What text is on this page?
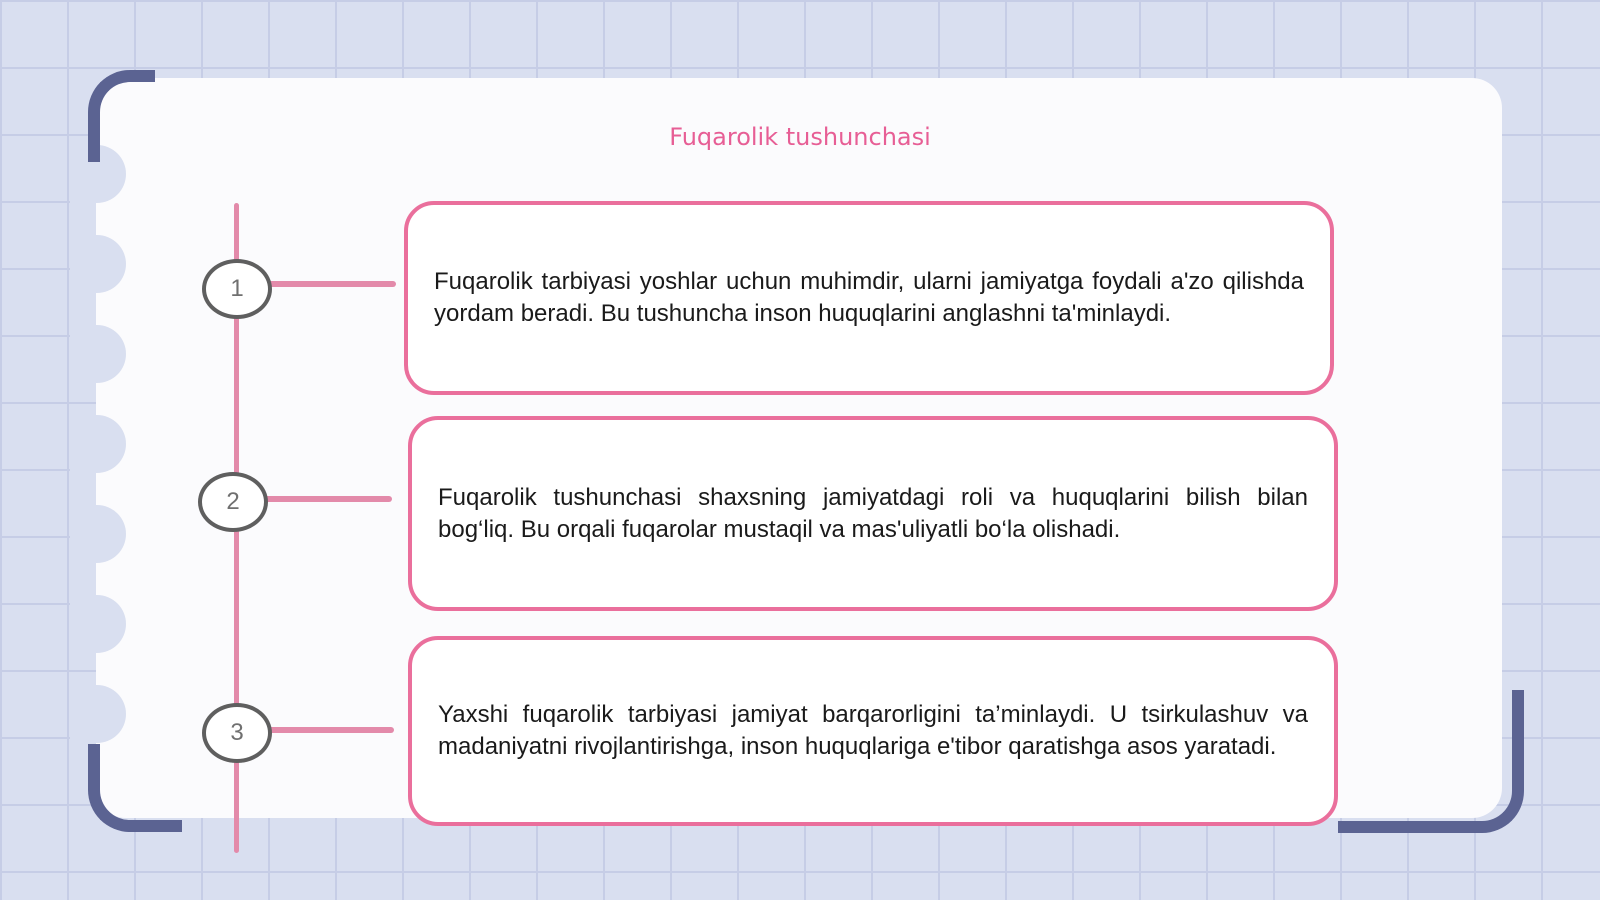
Fuqarolik tushunchasi
1
2
3

Fuqarolik tarbiyasi yoshlar uchun muhimdir, ularni jamiyatga foydali a'zo qilishda yordam beradi. Bu tushuncha inson huquqlarini anglashni ta'minlaydi.

Fuqarolik tushunchasi shaxsning jamiyatdagi roli va huquqlarini bilish bilan bog‘liq. Bu orqali fuqarolar mustaqil va mas'uliyatli bo‘la olishadi.

Yaxshi fuqarolik tarbiyasi jamiyat barqarorligini ta’minlaydi. U tsirkulashuv va madaniyatni rivojlantirishga, inson huquqlariga e'tibor qaratishga asos yaratadi.
